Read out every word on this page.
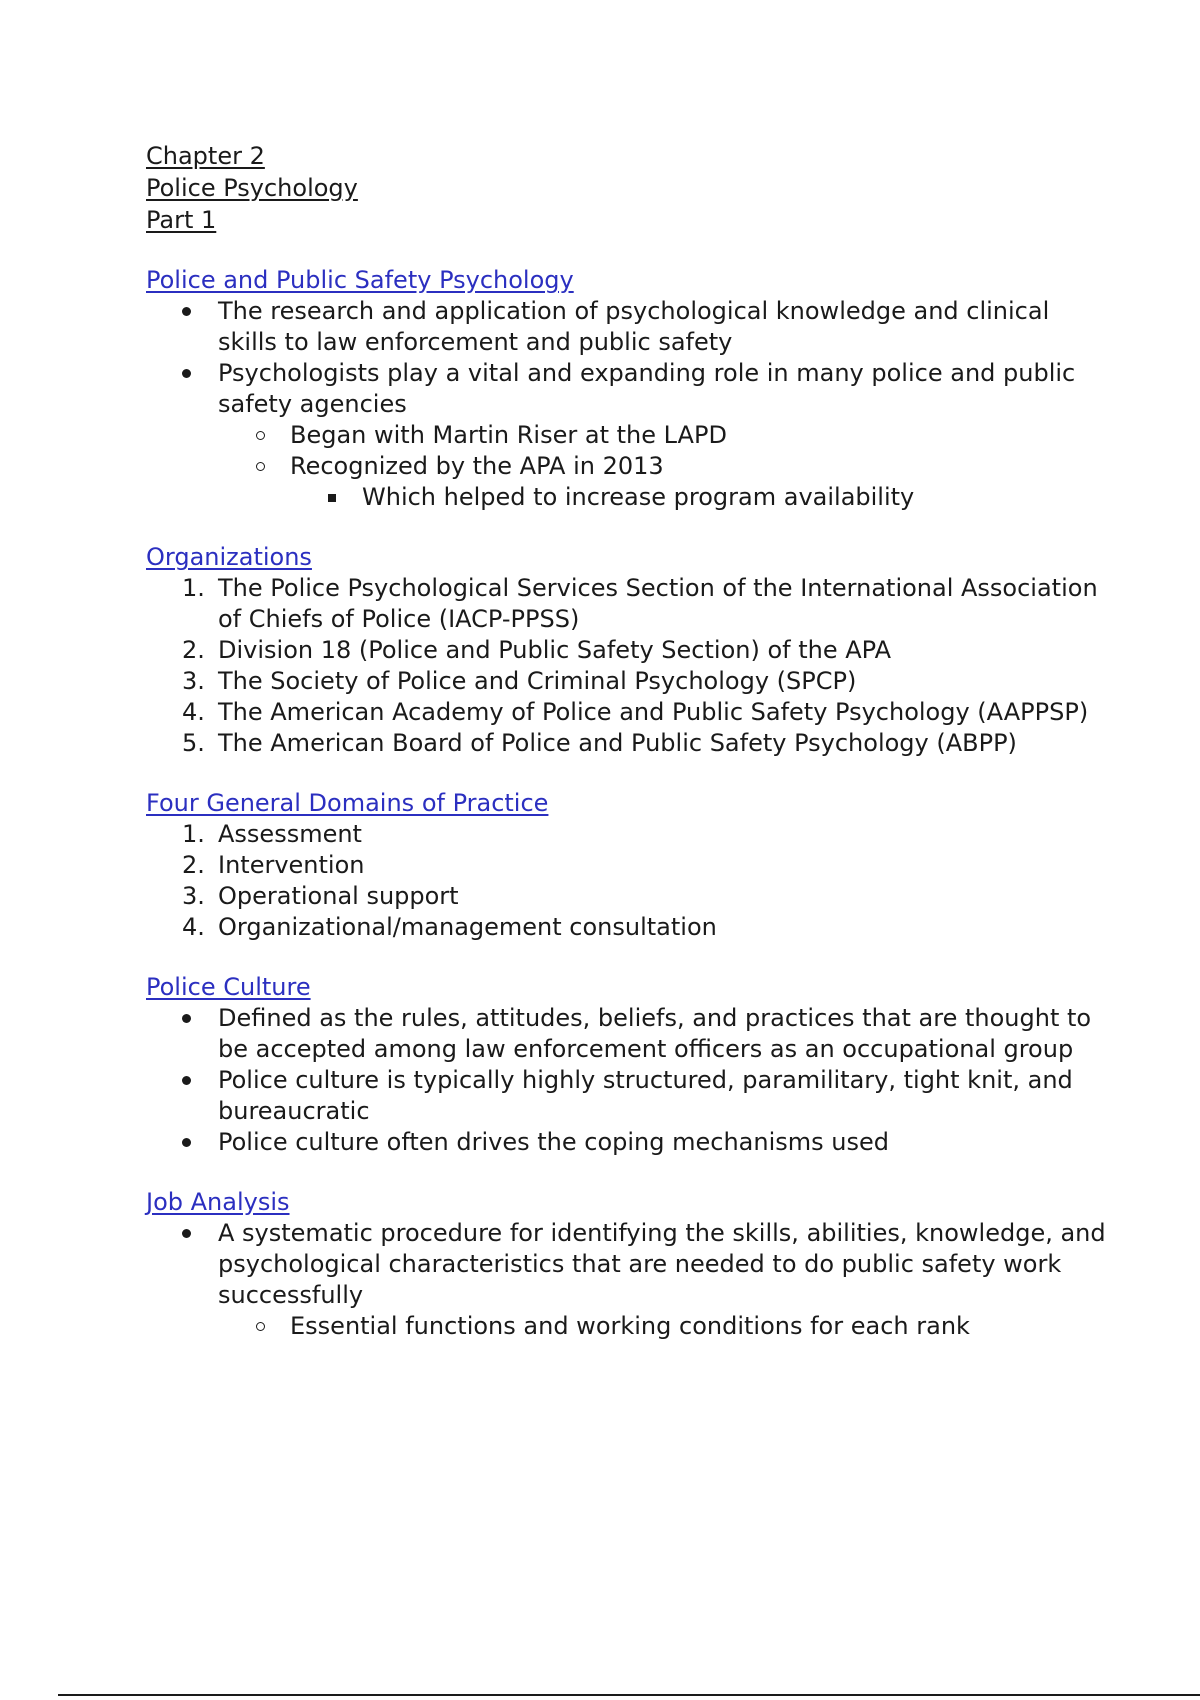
Chapter 2
Police Psychology
Part 1
Police and Public Safety Psychology
The research and application of psychological knowledge and clinical skills to law enforcement and public safety
Psychologists play a vital and expanding role in many police and public safety agencies
Began with Martin Riser at the LAPD
Recognized by the APA in 2013
Which helped to increase program availability
Organizations
1. The Police Psychological Services Section of the International Association of Chiefs of Police (IACP-PPSS)
2. Division 18 (Police and Public Safety Section) of the APA
3. The Society of Police and Criminal Psychology (SPCP)
4. The American Academy of Police and Public Safety Psychology (AAPPSP)
5. The American Board of Police and Public Safety Psychology (ABPP)
Four General Domains of Practice
1. Assessment
2. Intervention
3. Operational support
4. Organizational/management consultation
Police Culture
Defined as the rules, attitudes, beliefs, and practices that are thought to be accepted among law enforcement officers as an occupational group
Police culture is typically highly structured, paramilitary, tight knit, and bureaucratic
Police culture often drives the coping mechanisms used
Job Analysis
A systematic procedure for identifying the skills, abilities, knowledge, and psychological characteristics that are needed to do public safety work successfully
Essential functions and working conditions for each rank
